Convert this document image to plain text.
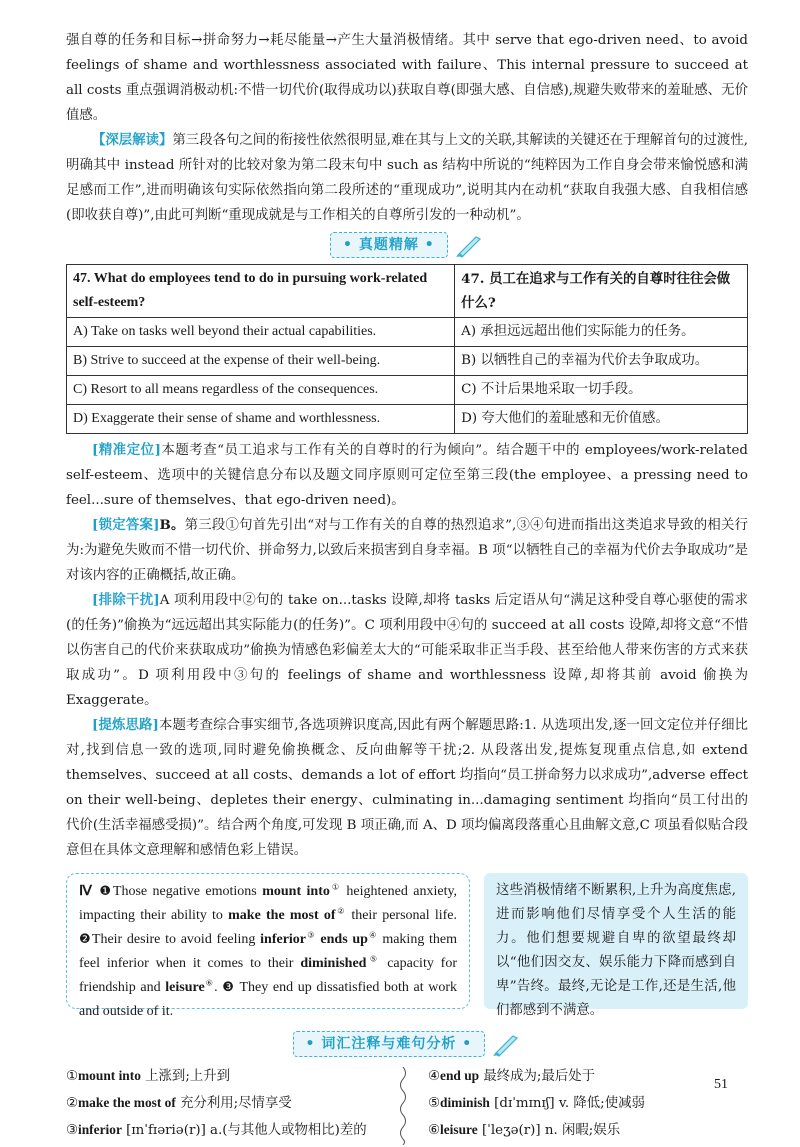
强自尊的任务和目标→拼命努力→耗尽能量→产生大量消极情绪。其中 serve that ego-driven need、to avoid feelings of shame and worthlessness associated with failure、This internal pressure to succeed at all costs 重点强调消极动机:不惜一切代价(取得成功以)获取自尊(即强大感、自信感),规避失败带来的羞耻感、无价值感。

【深层解读】第三段各句之间的衔接性依然很明显,难在其与上文的关联,其解读的关键还在于理解首句的过渡性,明确其中 instead 所针对的比较对象为第二段末句中 such as 结构中所说的“纯粹因为工作自身会带来愉悦感和满足感而工作”,进而明确该句实际依然指向第二段所述的“重现成功”,说明其内在动机“获取自我强大感、自我相信感(即收获自尊)”,由此可判断“重现成就是与工作相关的自尊所引发的一种动机”。

• 真题精解 •
47. What do employees tend to do in pursuing work-related self-esteem?	47. 员工在追求与工作有关的自尊时往往会做什么?
A) Take on tasks well beyond their actual capabilities.	A) 承担远远超出他们实际能力的任务。
B) Strive to succeed at the expense of their well-being.	B) 以牺牲自己的幸福为代价去争取成功。
C) Resort to all means regardless of the consequences.	C) 不计后果地采取一切手段。
D) Exaggerate their sense of shame and worthlessness.	D) 夸大他们的羞耻感和无价值感。

[精准定位]本题考查“员工追求与工作有关的自尊时的行为倾向”。结合题干中的 employees/work-related self-esteem、选项中的关键信息分布以及题文同序原则可定位至第三段(the employee、a pressing need to feel...sure of themselves、that ego-driven need)。

[锁定答案]B。第三段①句首先引出“对与工作有关的自尊的热烈追求”,③④句进而指出这类追求导致的相关行为:为避免失败而不惜一切代价、拼命努力,以致后来损害到自身幸福。B 项“以牺牲自己的幸福为代价去争取成功”是对该内容的正确概括,故正确。

[排除干扰]A 项利用段中②句的 take on...tasks 设障,却将 tasks 后定语从句“满足这种受自尊心驱使的需求(的任务)”偷换为“远远超出其实际能力(的任务)”。C 项利用段中④句的 succeed at all costs 设障,却将文意“不惜以伤害自己的代价来获取成功”偷换为情感色彩偏差太大的“可能采取非正当手段、甚至给他人带来伤害的方式来获取成功”。D 项利用段中③句的 feelings of shame and worthlessness 设障,却将其前 avoid 偷换为 Exaggerate。

[提炼思路]本题考查综合事实细节,各选项辨识度高,因此有两个解题思路:1. 从选项出发,逐一回文定位并仔细比对,找到信息一致的选项,同时避免偷换概念、反向曲解等干扰;2. 从段落出发,提炼复现重点信息,如 extend themselves、succeed at all costs、demands a lot of effort 均指向“员工拼命努力以求成功”,adverse effect on their well-being、depletes their energy、culminating in...damaging sentiment 均指向“员工付出的代价(生活幸福感受损)”。结合两个角度,可发现 B 项正确,而 A、D 项均偏离段落重心且曲解文意,C 项虽看似贴合段意但在具体文意理解和感情色彩上错误。

Ⅳ ❶Those negative emotions mount into① heightened anxiety, impacting their ability to make the most of② their personal life. ❷Their desire to avoid feeling inferior③ ends up④ making them feel inferior when it comes to their diminished⑤ capacity for friendship and leisure⑥. ❸ They end up dissatisfied both at work and outside of it.
这些消极情绪不断累积,上升为高度焦虑,进而影响他们尽情享受个人生活的能力。他们想要规避自卑的欲望最终却以“他们因交友、娱乐能力下降而感到自卑”告终。最终,无论是工作,还是生活,他们都感到不满意。
• 词汇注释与难句分析 •
①mount into 上涨到;上升到
②make the most of 充分利用;尽情享受
③inferior [ɪnˈfɪəriə(r)] a.(与其他人或物相比)差的
④end up 最终成为;最后处于
⑤diminish [dɪˈmɪnɪʃ] v. 降低;使减弱
⑥leisure [ˈleʒə(r)] n. 闲暇;娱乐
51
